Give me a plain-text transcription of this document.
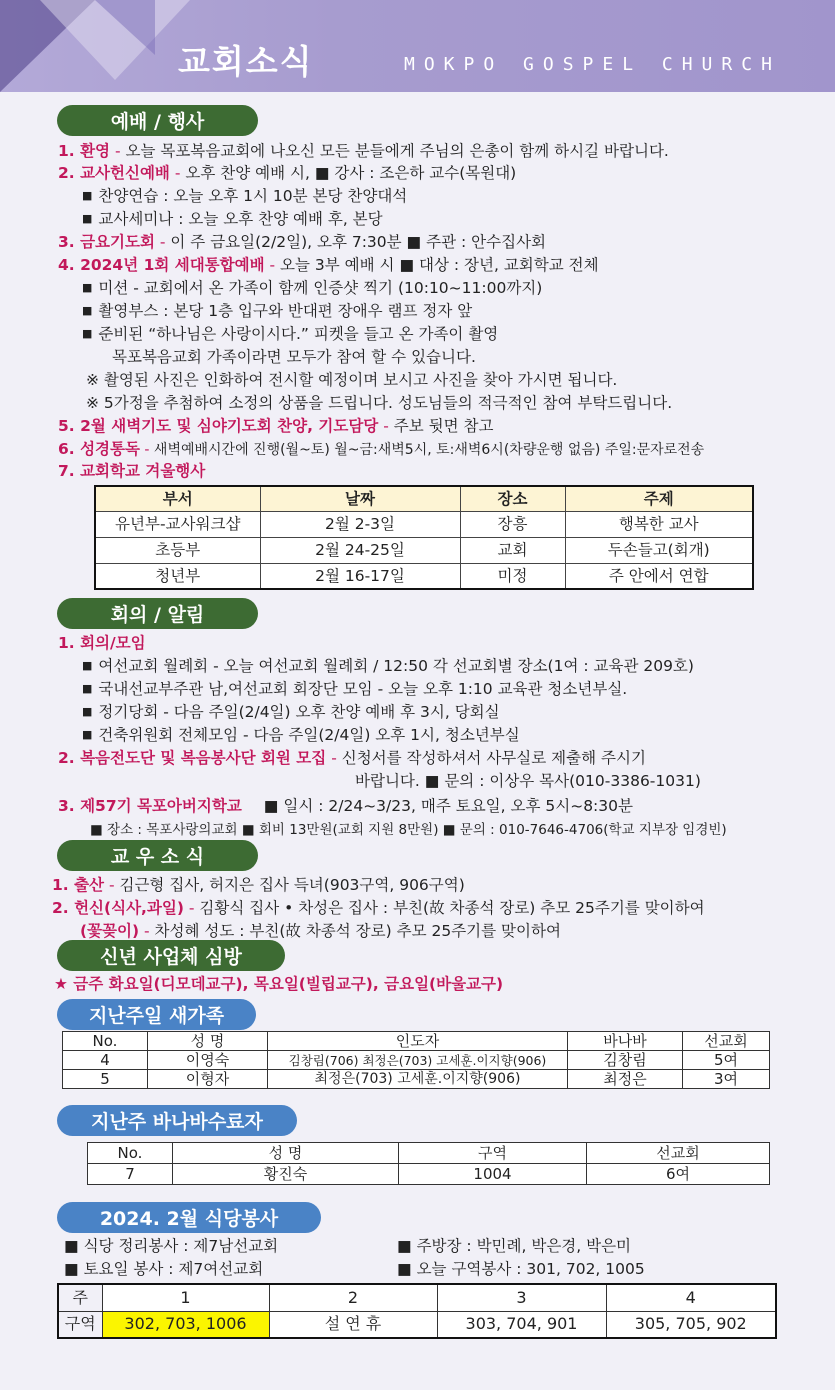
교회소식	MOKPO GOSPEL CHURCH
예배 / 행사
1. 환영 - 오늘 목포복음교회에 나오신 모든 분들에게 주님의 은총이 함께 하시길 바랍니다.
2. 교사헌신예배 - 오후 찬양 예배 시, ■ 강사 : 조은하 교수(목원대)
■ 찬양연습 : 오늘 오후 1시 10분 본당 찬양대석
■ 교사세미나 : 오늘 오후 찬양 예배 후, 본당
3. 금요기도회 - 이 주 금요일(2/2일), 오후 7:30분 ■ 주관 : 안수집사회
4. 2024년 1회 세대통합예배 - 오늘 3부 예배 시 ■ 대상 : 장년, 교회학교 전체
■ 미션 - 교회에서 온 가족이 함께 인증샷 찍기 (10:10~11:00까지)
■ 촬영부스 : 본당 1층 입구와 반대편 장애우 램프 정자 앞
■ 준비된 “하나님은 사랑이시다.” 피켓을 들고 온 가족이 촬영
목포복음교회 가족이라면 모두가 참여 할 수 있습니다.
※ 촬영된 사진은 인화하여 전시할 예정이며 보시고 사진을 찾아 가시면 됩니다.
※ 5가정을 추첨하여 소정의 상품을 드립니다. 성도님들의 적극적인 참여 부탁드립니다.
5. 2월 새벽기도 및 심야기도회 찬양, 기도담당 - 주보 뒷면 참고
6. 성경통독 - 새벽예배시간에 진행(월~토) 월~금:새벽5시, 토:새벽6시(차량운행 없음) 주일:문자로전송
7. 교회학교 겨울행사
부서	날짜	장소	주제
유년부-교사워크샵	2월 2-3일	장흥	행복한 교사
초등부	2월 24-25일	교회	두손들고(회개)
청년부	2월 16-17일	미정	주 안에서 연합
회의 / 알림
1. 회의/모임
■ 여선교회 월례회 - 오늘 여선교회 월례회 / 12:50 각 선교회별 장소(1여 : 교육관 209호)
■ 국내선교부주관 남,여선교회 회장단 모임 - 오늘 오후 1:10 교육관 청소년부실.
■ 정기당회 - 다음 주일(2/4일) 오후 찬양 예배 후 3시, 당회실
■ 건축위원회 전체모임 - 다음 주일(2/4일) 오후 1시, 청소년부실
2. 복음전도단 및 복음봉사단 회원 모집 - 신청서를 작성하셔서 사무실로 제출해 주시기
바랍니다. ■ 문의 : 이상우 목사(010-3386-1031)
3. 제57기 목포아버지학교 ■ 일시 : 2/24~3/23, 매주 토요일, 오후 5시~8:30분
■ 장소 : 목포사랑의교회 ■ 회비 13만원(교회 지원 8만원) ■ 문의 : 010-7646-4706(학교 지부장 임경빈)
교 우 소 식
1. 출산 - 김근형 집사, 허지은 집사 득녀(903구역, 906구역)
2. 헌신(식사,과일) - 김황식 집사 • 차성은 집사 : 부친(故 차종석 장로) 추모 25주기를 맞이하여
(꽃꽂이) - 차성혜 성도 : 부친(故 차종석 장로) 추모 25주기를 맞이하여
신년 사업체 심방
★ 금주 화요일(디모데교구), 목요일(빌립교구), 금요일(바울교구)
지난주일 새가족
No.	성 명	인도자	바나바	선교회
4	이영숙	김창림(706) 최정은(703) 고세훈.이지향(906)	김창림	5여
5	이형자	최정은(703) 고세훈.이지향(906)	최정은	3여
지난주 바나바수료자
No.	성 명	구역	선교회
7	황진숙	1004	6여
2024. 2월 식당봉사
■ 식당 정리봉사 : 제7남선교회
■ 토요일 봉사 : 제7여선교회
■ 주방장 : 박민례, 박은경, 박은미
■ 오늘 구역봉사 : 301, 702, 1005
주	1	2	3	4
구역	302, 703, 1006	설 연 휴	303, 704, 901	305, 705, 902
